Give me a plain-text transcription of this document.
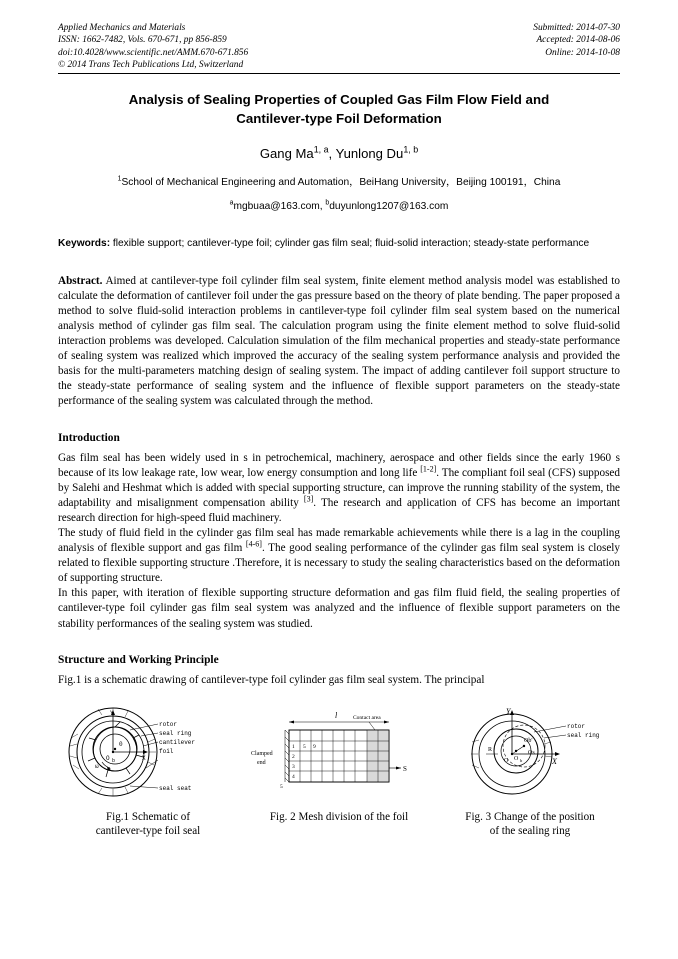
Applied Mechanics and Materials
ISSN: 1662-7482, Vols. 670-671, pp 856-859
doi:10.4028/www.scientific.net/AMM.670-671.856
© 2014 Trans Tech Publications Ltd, Switzerland
Submitted: 2014-07-30
Accepted: 2014-08-06
Online: 2014-10-08
Analysis of Sealing Properties of Coupled Gas Film Flow Field and
Cantilever-type Foil Deformation
Gang Ma$^{1, a}$, Yunlong Du$^{1, b}$
$^1$School of Mechanical Engineering and Automation，BeiHang University，Beijing 100191，China
$^a$mgbuaa@163.com, $^b$duyunlong1207@163.com
Keywords: flexible support; cantilever-type foil; cylinder gas film seal; fluid-solid interaction; steady-state performance
Abstract. Aimed at cantilever-type foil cylinder film seal system, finite element method analysis model was established to calculate the deformation of cantilever foil under the gas pressure based on the theory of plate bending. The paper proposed a method to solve fluid-solid interaction problems in cantilever-type foil cylinder film seal system based on the numerical analysis method of cylinder gas film seal. The calculation program using the finite element method to solve fluid-solid interaction problems was developed. Calculation simulation of the film mechanical properties and steady-state performance of sealing system was realized which improved the accuracy of the sealing system performance analysis and provided the basis for the multi-parameters matching design of sealing system. The impact of adding cantilever foil support structure to the steady-state performance of sealing system and the influence of flexible support parameters on the steady-state performance of the sealing system was calculated through the method.
Introduction

Gas film seal has been widely used in s in petrochemical, machinery, aerospace and other fields since the early 1960 s because of its low leakage rate, low wear, low energy consumption and long life [1-2]. The compliant foil seal (CFS) supposed by Salehi and Heshmat which is added with special supporting structure, can improve the running stability of the system, the adaptability and misalignment compensation ability [3]. The research and application of CFS has become an important research direction for high-speed fluid machinery.

The study of fluid field in the cylinder gas film seal has made remarkable achievements while there is a lag in the coupling analysis of flexible support and gas film [4-6]. The good sealing performance of the cylinder gas film seal system is closely related to flexible supporting structure .Therefore, it is necessary to study the sealing characteristics based on the deformation of supporting structure.

In this paper, with iteration of flexible supporting structure deformation and gas film fluid field, the sealing properties of cantilever-type foil cylinder gas film seal system was analyzed and the influence of flexible support parameters on the stability performances of the sealing system was studied.

Structure and Working Principle

Fig.1 is a schematic drawing of cantilever-type foil cylinder gas film seal system. The principal

0
O b
Y
X
ω
rotor
seal ring
cantilever
foil
seal seat
Fig.1 Schematic of
cantilever-type foil seal
l
S
Contact area
1 5 9
2
3
4
5
Clamped
end
Fig. 2 Mesh division of the foil
Y
X
O O b
Ob'
Os
R
rotor
seal ring
Fig. 3 Change of the position
of the sealing ring
